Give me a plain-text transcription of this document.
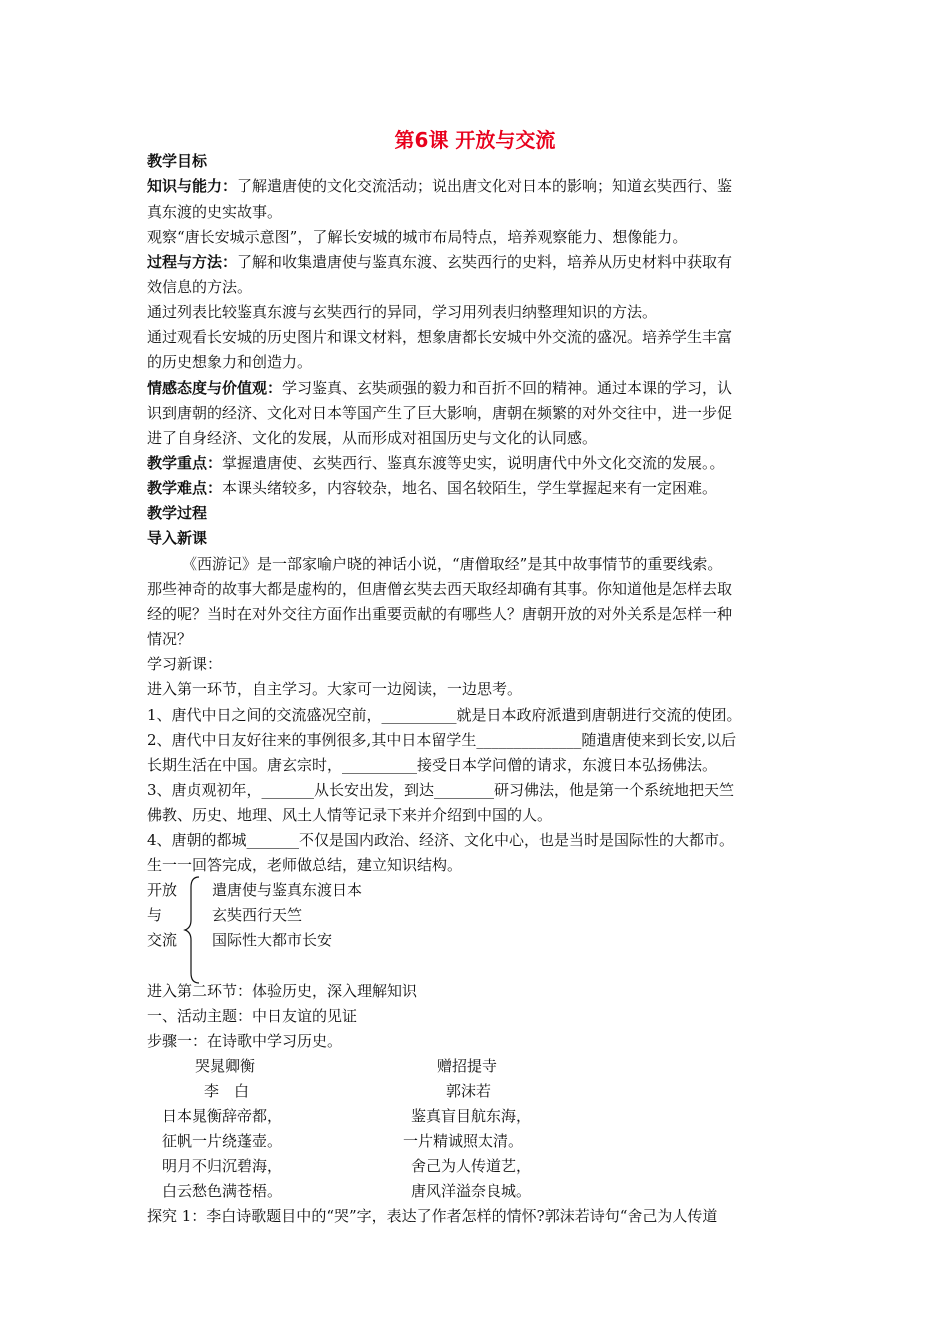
第6课 开放与交流
教学目标
知识与能力：了解遣唐使的文化交流活动；说出唐文化对日本的影响；知道玄奘西行、鉴
真东渡的史实故事。
观察“唐长安城示意图”，了解长安城的城市布局特点，培养观察能力、想像能力。
过程与方法：了解和收集遣唐使与鉴真东渡、玄奘西行的史料，培养从历史材料中获取有
效信息的方法。
通过列表比较鉴真东渡与玄奘西行的异同，学习用列表归纳整理知识的方法。
通过观看长安城的历史图片和课文材料，想象唐都长安城中外交流的盛况。培养学生丰富
的历史想象力和创造力。
情感态度与价值观：学习鉴真、玄奘顽强的毅力和百折不回的精神。通过本课的学习，认
识到唐朝的经济、文化对日本等国产生了巨大影响，唐朝在频繁的对外交往中，进一步促
进了自身经济、文化的发展，从而形成对祖国历史与文化的认同感。
教学重点：掌握遣唐使、玄奘西行、鉴真东渡等史实，说明唐代中外文化交流的发展。。
教学难点：本课头绪较多，内容较杂，地名、国名较陌生，学生掌握起来有一定困难。
教学过程
导入新课
《西游记》是一部家喻户晓的神话小说，“唐僧取经”是其中故事情节的重要线索。
那些神奇的故事大都是虚构的，但唐僧玄奘去西天取经却确有其事。你知道他是怎样去取
经的呢？当时在对外交往方面作出重要贡献的有哪些人？唐朝开放的对外关系是怎样一种
情况？
学习新课：
进入第一环节，自主学习。大家可一边阅读，一边思考。
1、唐代中日之间的交流盛况空前，__________就是日本政府派遣到唐朝进行交流的使团。
2、唐代中日友好往来的事例很多,其中日本留学生______________随遣唐使来到长安,以后
长期生活在中国。唐玄宗时，__________接受日本学问僧的请求，东渡日本弘扬佛法。
3、唐贞观初年，_______从长安出发，到达________研习佛法，他是第一个系统地把天竺
佛教、历史、地理、风土人情等记录下来并介绍到中国的人。
4、唐朝的都城_______不仅是国内政治、经济、文化中心，也是当时是国际性的大都市。
生一一回答完成，老师做总结，建立知识结构。
开放
与
交流
遣唐使与鉴真东渡日本
玄奘西行天竺
国际性大都市长安
进入第二环节：体验历史，深入理解知识
一、活动主题：中日友谊的见证
步骤一：在诗歌中学习历史。
哭晁卿衡
李　白
日本晁衡辞帝都，
征帆一片绕蓬壶。
明月不归沉碧海，
白云愁色满苍梧。
赠招提寺
郭沫若
鉴真盲目航东海，
一片精诚照太清。
舍己为人传道艺，
唐风洋溢奈良城。
探究 1：李白诗歌题目中的“哭”字，表达了作者怎样的情怀?郭沫若诗句“舍己为人传道
